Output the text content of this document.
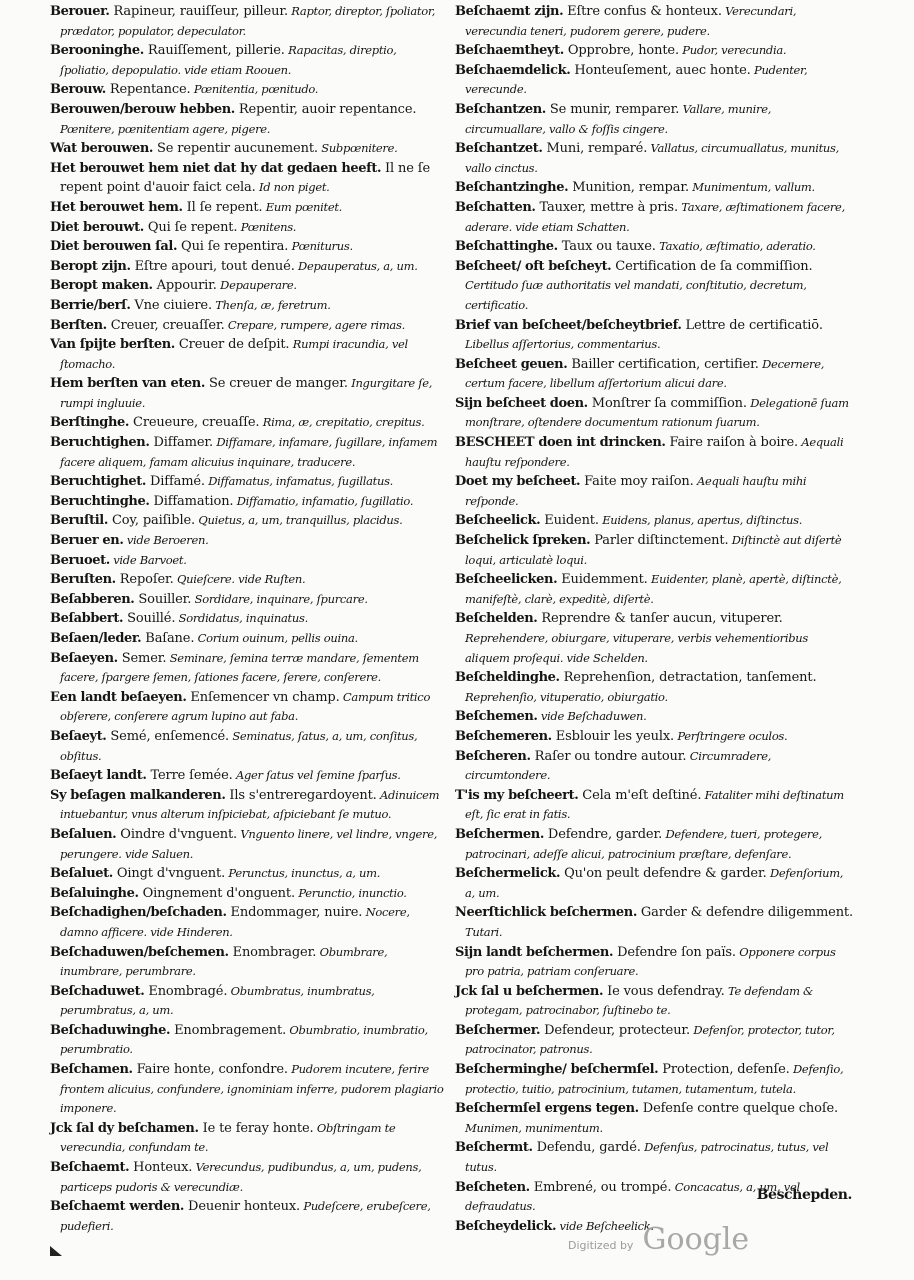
Berouer. Rapineur, rauiſſeur, pilleur. Raptor, direptor, ſpoliator, prædator, populator, depeculator.

Berooninghe. Rauiſſement, pillerie. Rapacitas, direptio, ſpoliatio, depopulatio. vide etiam Roouen.

Berouw. Repentance. Pœnitentia, pœnitudo.

Berouwen/berouw hebben. Repentir, auoir repentance. Pœnitere, pœnitentiam agere, pigere.

Wat berouwen. Se repentir aucunement. Subpœnitere.

Het berouwet hem niet dat hy dat gedaen heeft. Il ne ſe repent point d'auoir faict cela. Id non piget.

Het berouwet hem. Il ſe repent. Eum pœnitet.

Diet berouwt. Qui ſe repent. Pœnitens.

Diet berouwen ſal. Qui ſe repentira. Pœniturus.

Beropt zijn. Eſtre apouri, tout denué. Depauperatus, a, um.

Beropt maken. Appourir. Depauperare.

Berrie/berſ. Vne ciuiere. Thenſa, æ, feretrum.

Berſten. Creuer, creuaſſer. Crepare, rumpere, agere rimas.

Van ſpijte berſten. Creuer de deſpit. Rumpi iracundia, vel ſtomacho.

Hem berſten van eten. Se creuer de manger. Ingurgitare ſe, rumpi ingluuie.

Berſtinghe. Creueure, creuaſſe. Rima, æ, crepitatio, crepitus.

Beruchtighen. Diffamer. Diffamare, infamare, ſugillare, infamem facere aliquem, famam alicuius inquinare, traducere.

Beruchtighet. Diffamé. Diffamatus, infamatus, ſugillatus.

Beruchtinghe. Diffamation. Diffamatio, infamatio, ſugillatio.

Beruſtil. Coy, paiſible. Quietus, a, um, tranquillus, placidus.

Beruer en. vide Beroeren.

Beruoet. vide Barvoet.

Beruſten. Repoſer. Quieſcere. vide Ruſten.

Beſabberen. Souiller. Sordidare, inquinare, ſpurcare.

Beſabbert. Souillé. Sordidatus, inquinatus.

Beſaen/leder. Baſane. Corium ouinum, pellis ouina.

Beſaeyen. Semer. Seminare, ſemina terræ mandare, ſementem facere, ſpargere ſemen, ſationes facere, ſerere, conſerere.

Een landt beſaeyen. Enſemencer vn champ. Campum tritico obſerere, conſerere agrum lupino aut faba.

Beſaeyt. Semé, enſemencé. Seminatus, ſatus, a, um, conſitus, obſitus.

Beſaeyt landt. Terre ſemée. Ager ſatus vel ſemine ſparſus.

Sy beſagen malkanderen. Ils s'entreregardoyent. Adinuicem intuebantur, vnus alterum inſpiciebat, aſpiciebant ſe mutuo.

Beſaluen. Oindre d'vnguent. Vnguento linere, vel lindre, vngere, perungere. vide Saluen.

Beſaluet. Oingt d'vnguent. Perunctus, inunctus, a, um.

Beſaluinghe. Oingnement d'onguent. Perunctio, inunctio.

Beſchadighen/beſchaden. Endommager, nuire. Nocere, damno afficere. vide Hinderen.

Beſchaduwen/beſchemen. Enombrager. Obumbrare, inumbrare, perumbrare.

Beſchaduwet. Enombragé. Obumbratus, inumbratus, perumbratus, a, um.

Beſchaduwinghe. Enombragement. Obumbratio, inumbratio, perumbratio.

Beſchamen. Faire honte, confondre. Pudorem incutere, ferire frontem alicuius, confundere, ignominiam inferre, pudorem plagiario imponere.

Jck ſal dy beſchamen. Ie te feray honte. Obſtringam te verecundia, confundam te.

Beſchaemt. Honteux. Verecundus, pudibundus, a, um, pudens, particeps pudoris & verecundiæ.

Beſchaemt werden. Deuenir honteux. Pudeſcere, erubeſcere, pudefieri.

Beſchaemt zijn. Eſtre confus & honteux. Verecundari, verecundia teneri, pudorem gerere, pudere.

Beſchaemtheyt. Opprobre, honte. Pudor, verecundia.

Beſchaemdelick. Honteuſement, auec honte. Pudenter, verecunde.

Beſchantzen. Se munir, remparer. Vallare, munire, circumuallare, vallo & foſſis cingere.

Beſchantzet. Muni, remparé. Vallatus, circumuallatus, munitus, vallo cinctus.

Beſchantzinghe. Munition, rempar. Munimentum, vallum.

Beſchatten. Tauxer, mettre à pris. Taxare, æſtimationem facere, aderare. vide etiam Schatten.

Beſchattinghe. Taux ou tauxe. Taxatio, æſtimatio, aderatio.

Beſcheet/ oft beſcheyt. Certification de ſa commiſſion. Certitudo ſuæ authoritatis vel mandati, conſtitutio, decretum, certificatio.

Brief van beſcheet/beſcheytbrief. Lettre de certificatiō. Libellus aſſertorius, commentarius.

Beſcheet geuen. Bailler certification, certifier. Decernere, certum facere, libellum aſſertorium alicui dare.

Sijn beſcheet doen. Monſtrer ſa commiſſion. Delegationē ſuam monſtrare, oſtendere documentum rationum ſuarum.

BESCHEET doen int drincken. Faire raiſon à boire. Aequali hauſtu reſpondere.

Doet my beſcheet. Faite moy raiſon. Aequali hauſtu mihi reſponde.

Beſcheelick. Euident. Euidens, planus, apertus, diſtinctus.

Beſchelick ſpreken. Parler diſtinctement. Diſtinctè aut diſertè loqui, articulatè loqui.

Beſcheelicken. Euidemment. Euidenter, planè, apertè, diſtinctè, manifeſtè, clarè, expeditè, diſertè.

Beſchelden. Reprendre & tanſer aucun, vituperer. Reprehendere, obiurgare, vituperare, verbis vehementioribus aliquem proſequi. vide Schelden.

Beſcheldinghe. Reprehenſion, detractation, tanſement. Reprehenſio, vituperatio, obiurgatio.

Beſchemen. vide Beſchaduwen.

Beſchemeren. Esblouir les yeulx. Perſtringere oculos.

Beſcheren. Raſer ou tondre autour. Circumradere, circumtondere.

T'is my beſcheert. Cela m'eſt deſtiné. Fataliter mihi deſtinatum eſt, ſic erat in fatis.

Beſchermen. Defendre, garder. Defendere, tueri, protegere, patrocinari, adeſſe alicui, patrocinium præſtare, defenſare.

Beſchermelick. Qu'on peult defendre & garder. Defenſorium, a, um.

Neerſtichlick beſchermen. Garder & defendre diligemment. Tutari.

Sijn landt beſchermen. Defendre ſon païs. Opponere corpus pro patria, patriam conſeruare.

Jck ſal u beſchermen. Ie vous defendray. Te defendam & protegam, patrocinabor, ſuſtinebo te.

Beſchermer. Defendeur, protecteur. Defenſor, protector, tutor, patrocinator, patronus.

Beſcherminghe/ beſchermſel. Protection, defenſe. Defenſio, protectio, tuitio, patrocinium, tutamen, tutamentum, tutela.

Beſchermſel ergens tegen. Defenſe contre quelque choſe. Munimen, munimentum.

Beſchermt. Defendu, gardé. Defenſus, patrocinatus, tutus, vel tutus.

Beſcheten. Embrené, ou trompé. Concacatus, a, um, vel defraudatus.

Beſcheydelick. vide Beſcheelick.

Beschepden.
Digitized by Google
